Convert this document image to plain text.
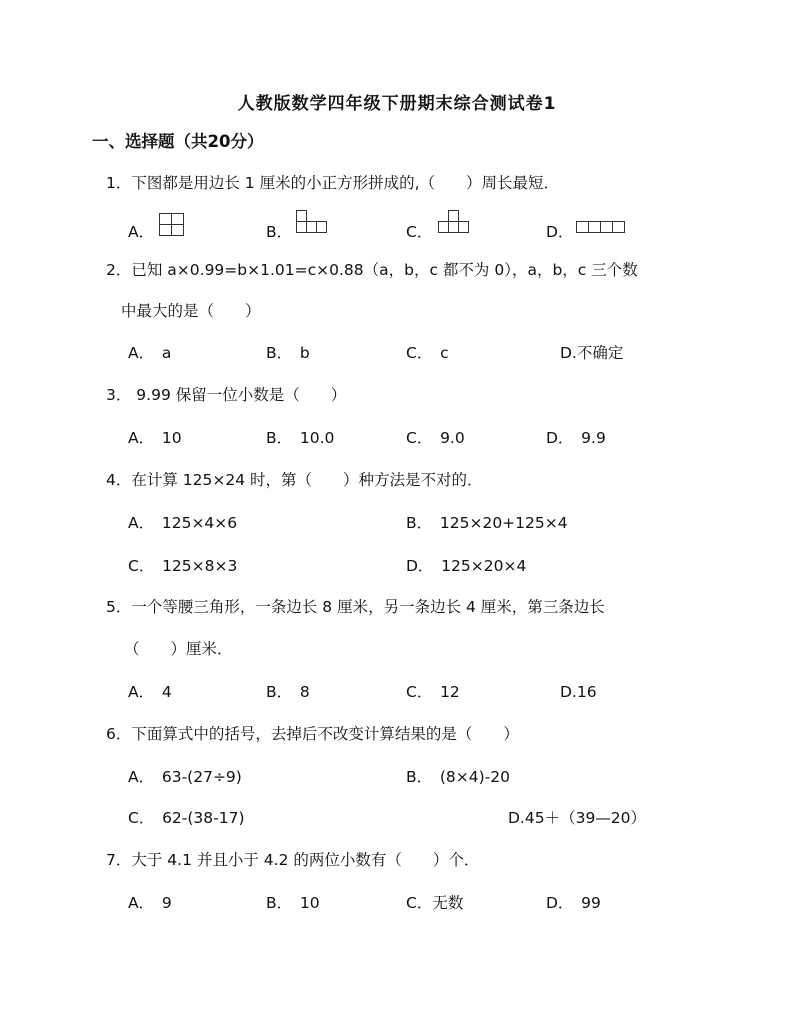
人教版数学四年级下册期末综合测试卷1
一、选择题（共20分）
1．下图都是用边长 1 厘米的小正方形拼成的,（　　）周长最短．
A．	B．	C．	D．
2．已知 a×0.99=b×1.01=c×0.88（a，b，c 都不为 0），a，b，c 三个数
中最大的是（　　）
A．　a	B．　b	C．　c	D.不确定
3． 9.99 保留一位小数是（　　）
A．　10	B．　10.0	C．　9.0	D．　9.9
4．在计算 125×24 时，第（　　）种方法是不对的．
A．　125×4×6	B．　125×20+125×4
C．　125×8×3	D．　125×20×4
5．一个等腰三角形，一条边长 8 厘米，另一条边长 4 厘米，第三条边长
（　　）厘米．
A．　4	B．　8	C．　12	D.16
6．下面算式中的括号，去掉后不改变计算结果的是（　　）
A．　63-(27÷9)	B．　(8×4)-20
C．　62-(38-17)	D.45＋（39—20）
7．大于 4.1 并且小于 4.2 的两位小数有（　　）个．
A．　9	B．　10	C．无数	D．　99
